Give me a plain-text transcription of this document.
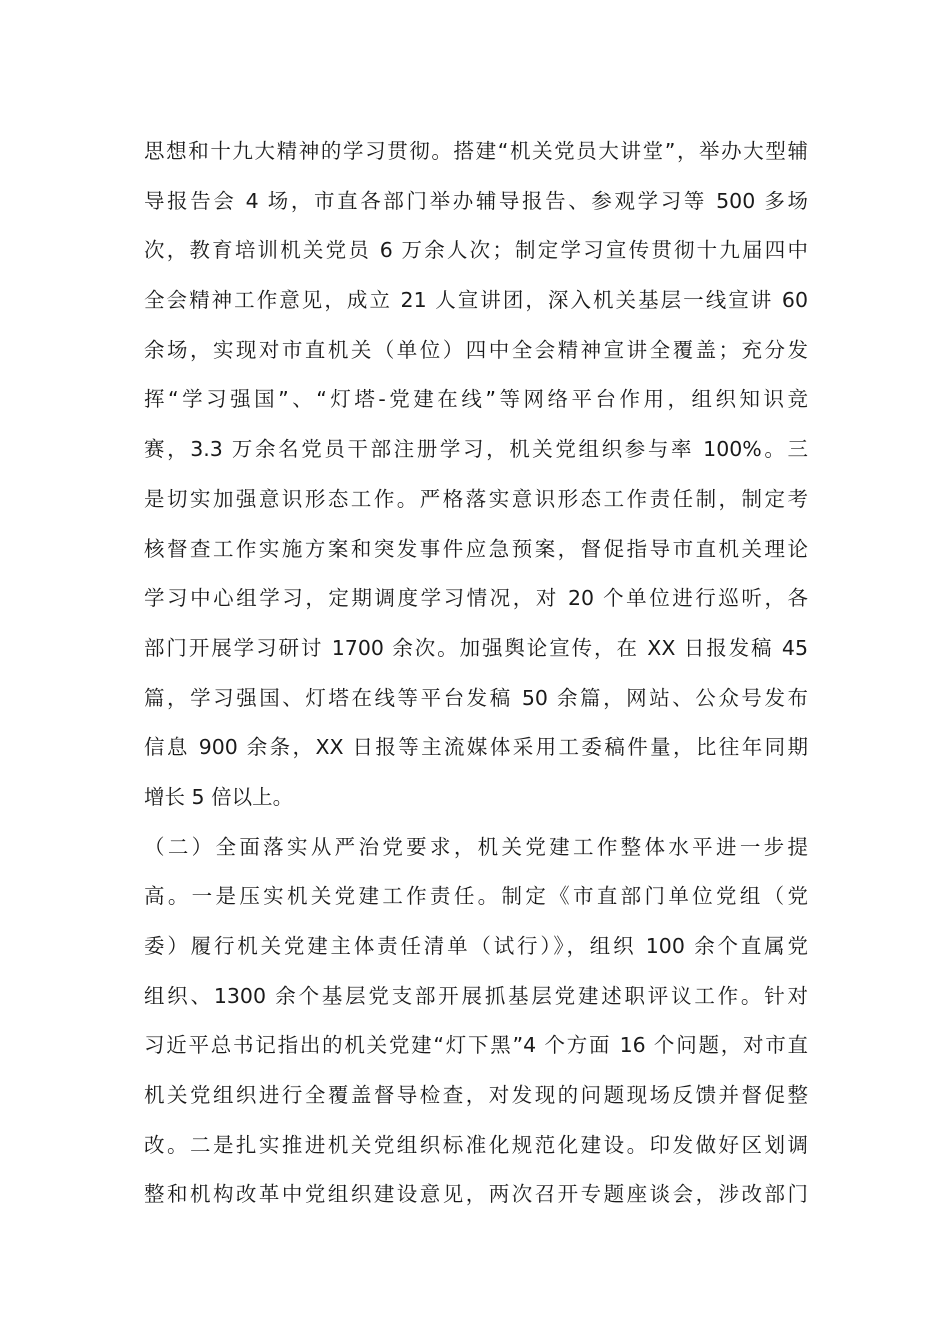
思想和十九大精神的学习贯彻。搭建“机关党员大讲堂”，举办大型辅
导报告会 4 场，市直各部门举办辅导报告、参观学习等 500 多场
次，教育培训机关党员 6 万余人次；制定学习宣传贯彻十九届四中
全会精神工作意见，成立 21 人宣讲团，深入机关基层一线宣讲 60
余场，实现对市直机关（单位）四中全会精神宣讲全覆盖；充分发
挥“学习强国”、“灯塔-党建在线”等网络平台作用，组织知识竞
赛，3.3 万余名党员干部注册学习，机关党组织参与率 100%。三
是切实加强意识形态工作。严格落实意识形态工作责任制，制定考
核督查工作实施方案和突发事件应急预案，督促指导市直机关理论
学习中心组学习，定期调度学习情况，对 20 个单位进行巡听，各
部门开展学习研讨 1700 余次。加强舆论宣传，在 XX 日报发稿 45
篇，学习强国、灯塔在线等平台发稿 50 余篇，网站、公众号发布
信息 900 余条，XX 日报等主流媒体采用工委稿件量，比往年同期
增长 5 倍以上。
（二）全面落实从严治党要求，机关党建工作整体水平进一步提
高。一是压实机关党建工作责任。制定《市直部门单位党组（党
委）履行机关党建主体责任清单（试行）》，组织 100 余个直属党
组织、1300 余个基层党支部开展抓基层党建述职评议工作。针对
习近平总书记指出的机关党建“灯下黑”4 个方面 16 个问题，对市直
机关党组织进行全覆盖督导检查，对发现的问题现场反馈并督促整
改。二是扎实推进机关党组织标准化规范化建设。印发做好区划调
整和机构改革中党组织建设意见，两次召开专题座谈会，涉改部门
